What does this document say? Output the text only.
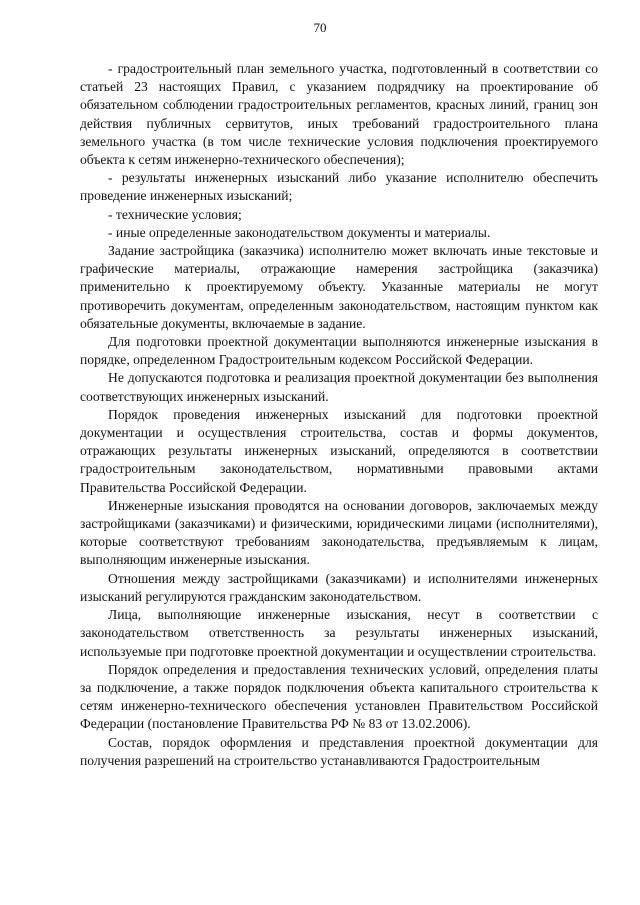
70

- градостроительный план земельного участка, подготовленный в соответствии со статьей 23 настоящих Правил, с указанием подрядчику на проектирование об обязательном соблюдении градостроительных регламентов, красных линий, границ зон действия публичных сервитутов, иных требований градостроительного плана земельного участка (в том числе технические условия подключения проектируемого объекта к сетям инженерно-технического обеспечения);

- результаты инженерных изысканий либо указание исполнителю обеспечить проведение инженерных изысканий;

- технические условия;

- иные определенные законодательством документы и материалы.

Задание застройщика (заказчика) исполнителю может включать иные текстовые и графические материалы, отражающие намерения застройщика (заказчика) применительно к проектируемому объекту. Указанные материалы не могут противоречить документам, определенным законодательством, настоящим пунктом как обязательные документы, включаемые в задание.

Для подготовки проектной документации выполняются инженерные изыскания в порядке, определенном Градостроительным кодексом Российской Федерации.

Не допускаются подготовка и реализация проектной документации без выполнения соответствующих инженерных изысканий.

Порядок проведения инженерных изысканий для подготовки проектной документации и осуществления строительства, состав и формы документов, отражающих результаты инженерных изысканий, определяются в соответствии градостроительным законодательством, нормативными правовыми актами Правительства Российской Федерации.

Инженерные изыскания проводятся на основании договоров, заключаемых между застройщиками (заказчиками) и физическими, юридическими лицами (исполнителями), которые соответствуют требованиям законодательства, предъявляемым к лицам, выполняющим инженерные изыскания.

Отношения между застройщиками (заказчиками) и исполнителями инженерных изысканий регулируются гражданским законодательством.

Лица, выполняющие инженерные изыскания, несут в соответствии с законодательством ответственность за результаты инженерных изысканий, используемые при подготовке проектной документации и осуществлении строительства.

Порядок определения и предоставления технических условий, определения платы за подключение, а также порядок подключения объекта капитального строительства к сетям инженерно-технического обеспечения установлен Правительством Российской Федерации (постановление Правительства РФ № 83 от 13.02.2006).

Состав, порядок оформления и представления проектной документации для получения разрешений на строительство устанавливаются Градостроительным
